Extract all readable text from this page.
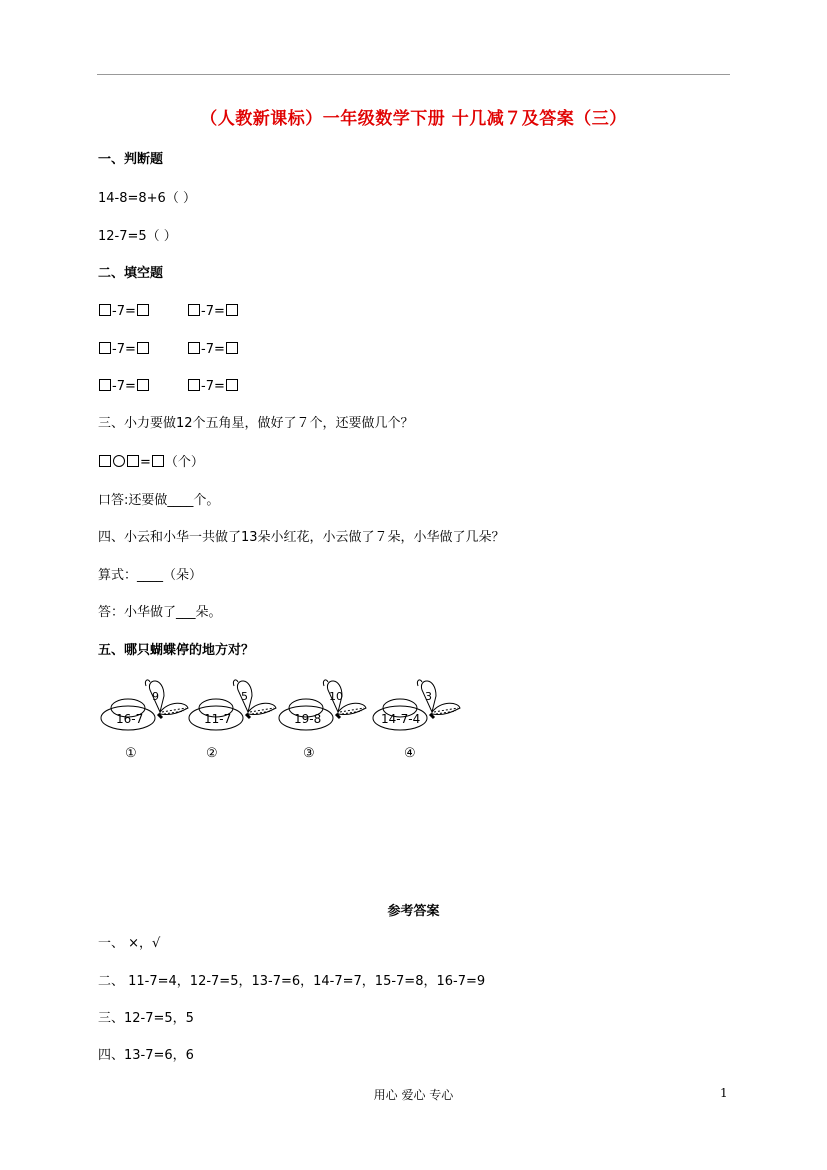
（人教新课标）一年级数学下册 十几减７及答案（三）
一、判断题
14-8=8+6（ ）
12-7=5（ ）
二、填空题
-7=	-7=
-7=	-7=
-7=	-7=
三、小力要做12个五角星，做好了７个，还要做几个？
= （个）
口答:还要做____个。
四、小云和小华一共做了13朵小红花，小云做了７朵，小华做了几朵？
算式：____（朵）
答：小华做了___朵。
五、哪只蝴蝶停的地方对？
16-7
9
11-7
5
19-8
10
14-7-4
3
①	②	③	④
参考答案
一、 ×，√
二、 11-7=4，12-7=5，13-7=6，14-7=7，15-7=8，16-7=9
三、12-7=5，5
四、13-7=6，6
用心 爱心 专心	1
